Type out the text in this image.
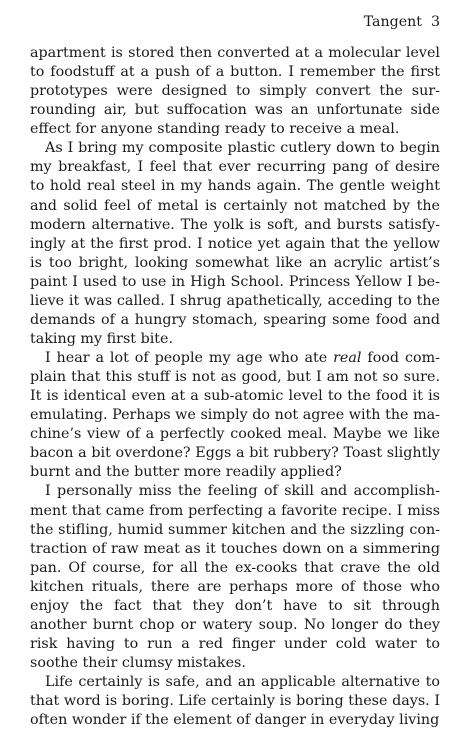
Tangent 3

apartment is stored then converted at a molecular level to foodstuff at a push of a button. I remember the first prototypes were designed to simply convert the surrounding air, but suffocation was an unfortunate side effect for anyone standing ready to receive a meal.

As I bring my composite plastic cutlery down to begin my breakfast, I feel that ever recurring pang of desire to hold real steel in my hands again. The gentle weight and solid feel of metal is certainly not matched by the modern alternative. The yolk is soft, and bursts satisfyingly at the first prod. I notice yet again that the yellow is too bright, looking somewhat like an acrylic artist’s paint I used to use in High School. Princess Yellow I believe it was called. I shrug apathetically, acceding to the demands of a hungry stomach, spearing some food and taking my first bite.

I hear a lot of people my age who ate real food complain that this stuff is not as good, but I am not so sure. It is identical even at a sub-atomic level to the food it is emulating. Perhaps we simply do not agree with the machine’s view of a perfectly cooked meal. Maybe we like bacon a bit overdone? Eggs a bit rubbery? Toast slightly burnt and the butter more readily applied?

I personally miss the feeling of skill and accomplishment that came from perfecting a favorite recipe. I miss the stifling, humid summer kitchen and the sizzling contraction of raw meat as it touches down on a simmering pan. Of course, for all the ex-cooks that crave the old kitchen rituals, there are perhaps more of those who enjoy the fact that they don’t have to sit through another burnt chop or watery soup. No longer do they risk having to run a red finger under cold water to soothe their clumsy mistakes.

Life certainly is safe, and an applicable alternative to that word is boring. Life certainly is boring these days. I often wonder if the element of danger in everyday living
